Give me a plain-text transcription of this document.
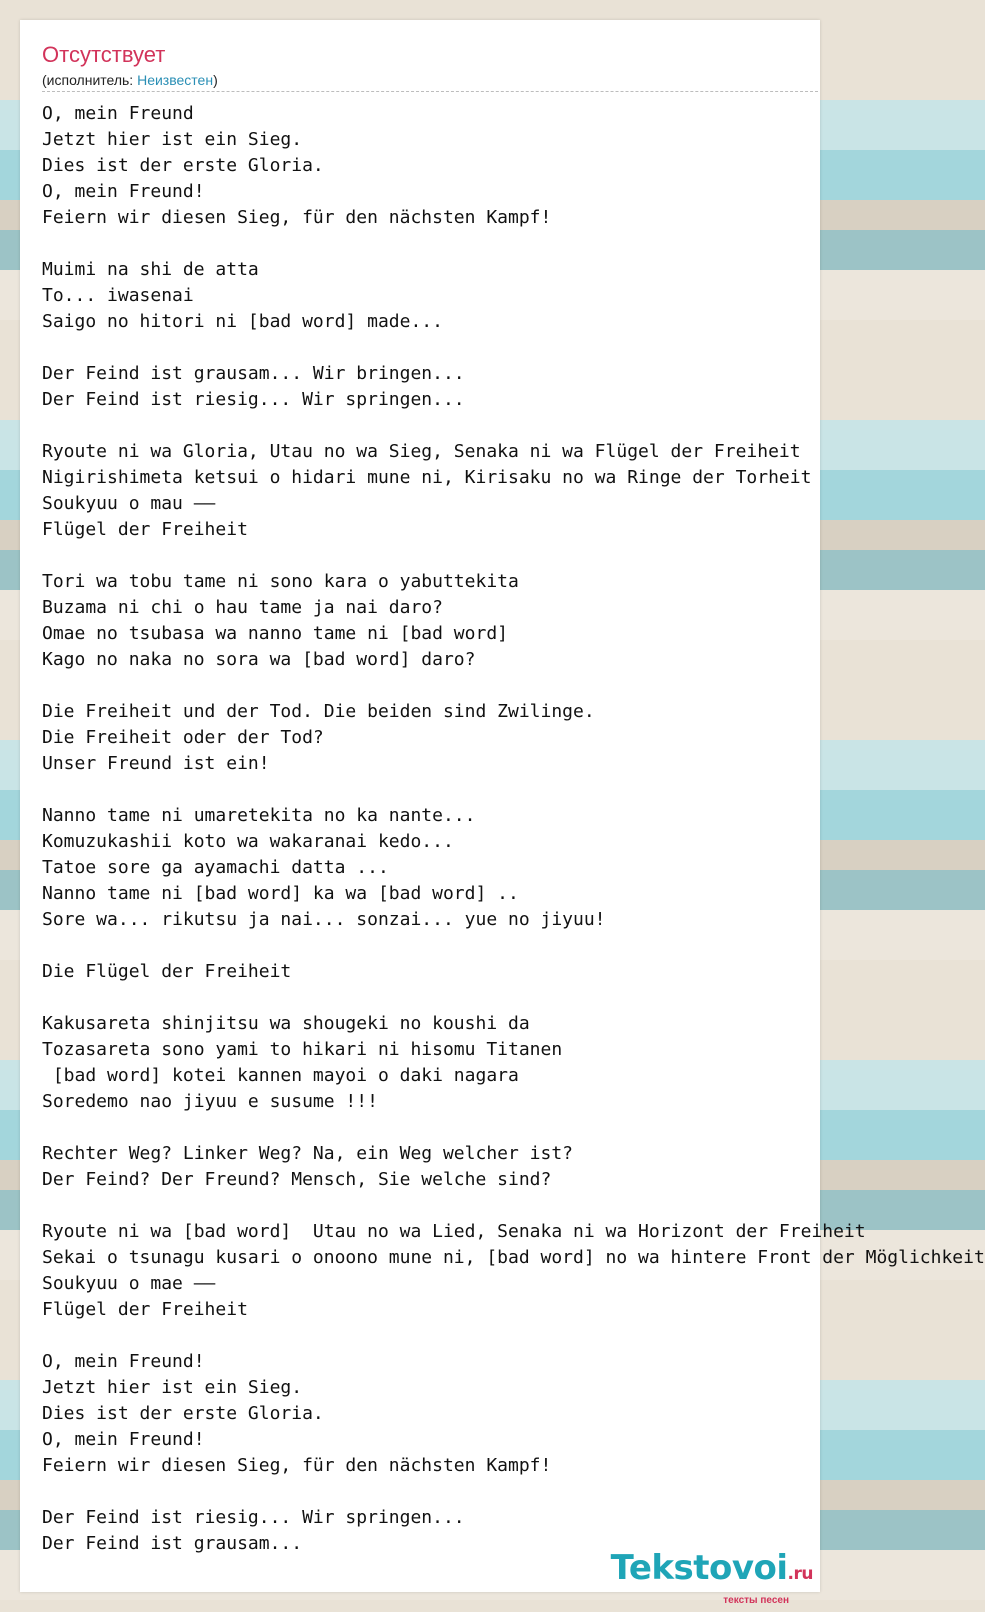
Отсутствует
(исполнитель: Неизвестен)
O, mein Freund
Jetzt hier ist ein Sieg.
Dies ist der erste Gloria.
O, mein Freund!
Feiern wir diesen Sieg, für den nächsten Kampf!

Muimi na shi de atta
To... iwasenai
Saigo no hitori ni [bad word] made...

Der Feind ist grausam... Wir bringen...
Der Feind ist riesig... Wir springen...

Ryoute ni wa Gloria, Utau no wa Sieg, Senaka ni wa Flügel der Freiheit
Nigirishimeta ketsui o hidari mune ni, Kirisaku no wa Ringe der Torheit
Soukyuu o mau ——
Flügel der Freiheit

Tori wa tobu tame ni sono kara o yabuttekita
Buzama ni chi o hau tame ja nai daro?
Omae no tsubasa wa nanno tame ni [bad word]
Kago no naka no sora wa [bad word] daro?

Die Freiheit und der Tod. Die beiden sind Zwilinge.
Die Freiheit oder der Tod?
Unser Freund ist ein!

Nanno tame ni umaretekita no ka nante...
Komuzukashii koto wa wakaranai kedo...
Tatoe sore ga ayamachi datta ...
Nanno tame ni [bad word] ka wa [bad word] ..
Sore wa... rikutsu ja nai... sonzai... yue no jiyuu!

Die Flügel der Freiheit

Kakusareta shinjitsu wa shougeki no koushi da
Tozasareta sono yami to hikari ni hisomu Titanen
[bad word] kotei kannen mayoi o daki nagara
Soredemo nao jiyuu e susume !!!

Rechter Weg? Linker Weg? Na, ein Weg welcher ist?
Der Feind? Der Freund? Mensch, Sie welche sind?

Ryoute ni wa [bad word]  Utau no wa Lied, Senaka ni wa Horizont der Freiheit
Sekai o tsunagu kusari o onoono mune ni, [bad word] no wa hintere Front der Möglichkeit
Soukyuu o mae ——
Flügel der Freiheit

O, mein Freund!
Jetzt hier ist ein Sieg.
Dies ist der erste Gloria.
O, mein Freund!
Feiern wir diesen Sieg, für den nächsten Kampf!

Der Feind ist riesig... Wir springen...
Der Feind ist grausam...
Tekstovoi.ru
тексты песен
